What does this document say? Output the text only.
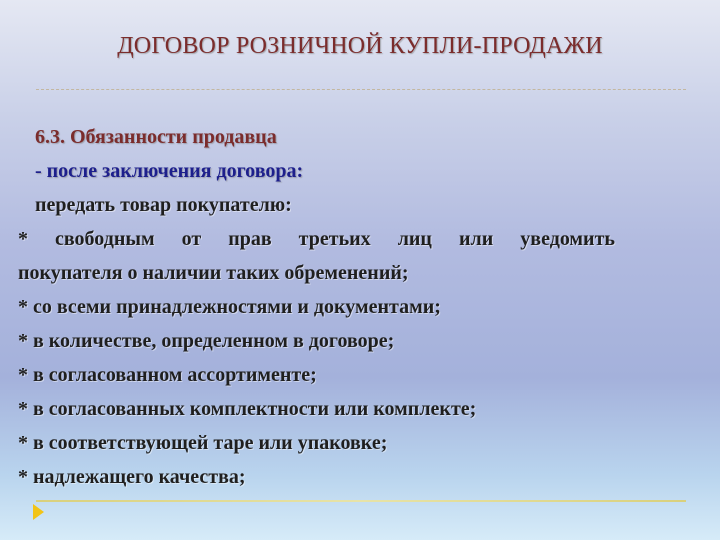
ДОГОВОР РОЗНИЧНОЙ КУПЛИ-ПРОДАЖИ
6.3. Обязанности продавца
- после заключения договора:
передать товар покупателю:
* свободным от прав третьих лиц или уведомить
покупателя о наличии таких обременений;
* со всеми принадлежностями и документами;
* в количестве, определенном в договоре;
* в согласованном ассортименте;
* в согласованных комплектности или комплекте;
* в соответствующей таре или упаковке;
* надлежащего качества;
